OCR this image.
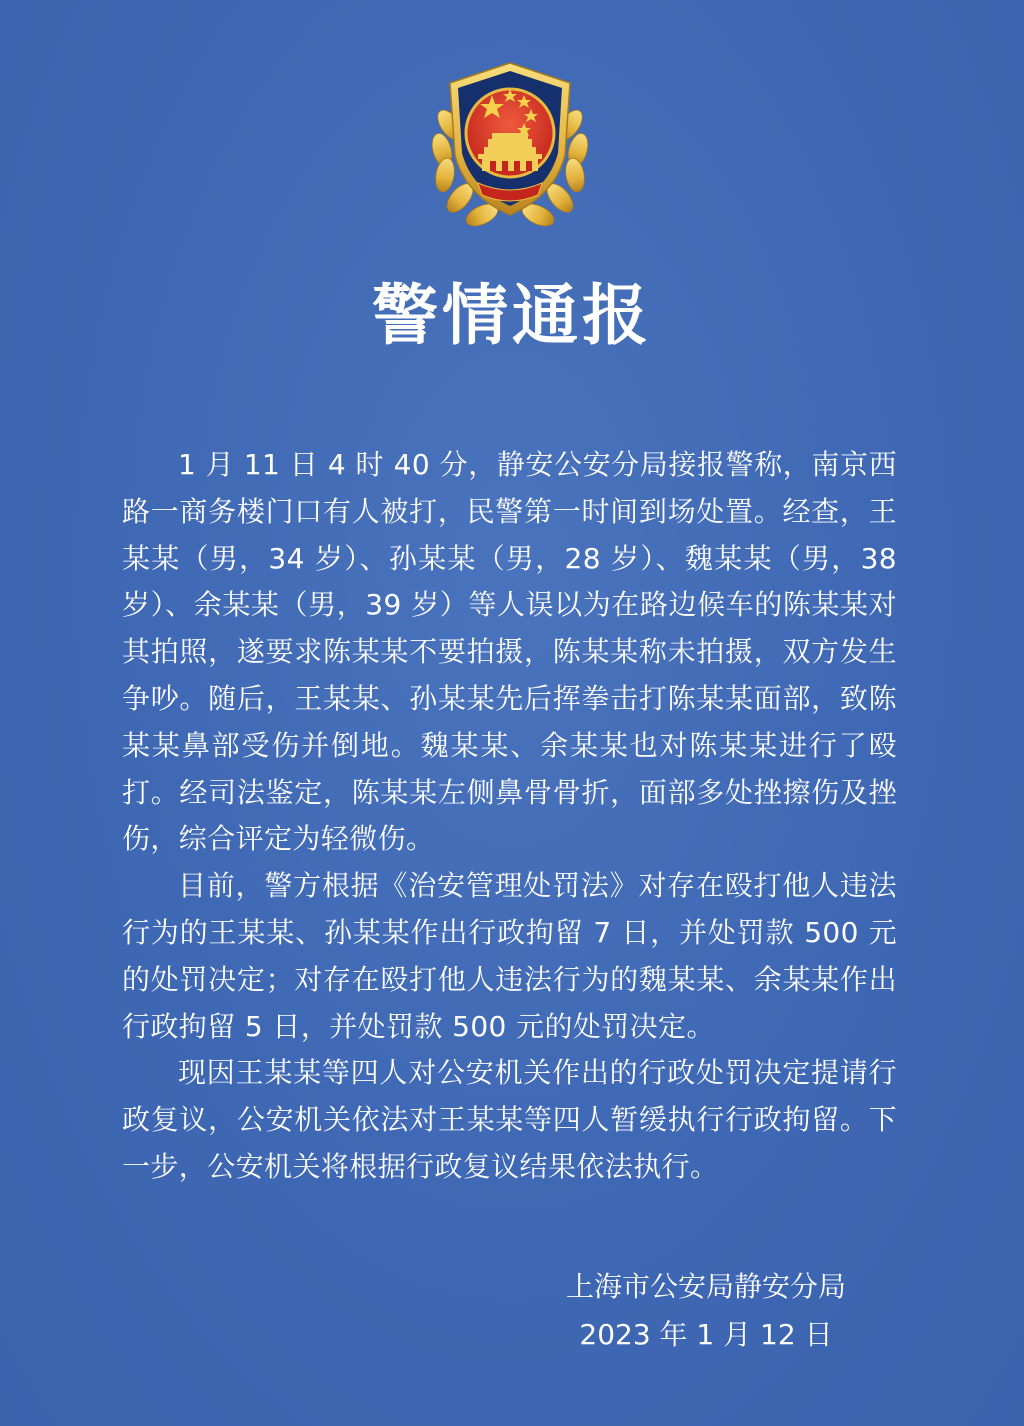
警情通报

1 月 11 日 4 时 40 分，静安公安分局接报警称，南京西路一商务楼门口有人被打，民警第一时间到场处置。经查，王某某（男，34 岁）、孙某某（男，28 岁）、魏某某（男，38 岁）、余某某（男，39 岁）等人误以为在路边候车的陈某某对其拍照，遂要求陈某某不要拍摄，陈某某称未拍摄，双方发生争吵。随后，王某某、孙某某先后挥拳击打陈某某面部，致陈某某鼻部受伤并倒地。魏某某、余某某也对陈某某进行了殴打。经司法鉴定，陈某某左侧鼻骨骨折，面部多处挫擦伤及挫伤，综合评定为轻微伤。

目前，警方根据《治安管理处罚法》对存在殴打他人违法行为的王某某、孙某某作出行政拘留 7 日，并处罚款 500 元的处罚决定；对存在殴打他人违法行为的魏某某、余某某作出行政拘留 5 日，并处罚款 500 元的处罚决定。

现因王某某等四人对公安机关作出的行政处罚决定提请行政复议，公安机关依法对王某某等四人暂缓执行行政拘留。下一步，公安机关将根据行政复议结果依法执行。

上海市公安局静安分局
2023 年 1 月 12 日
